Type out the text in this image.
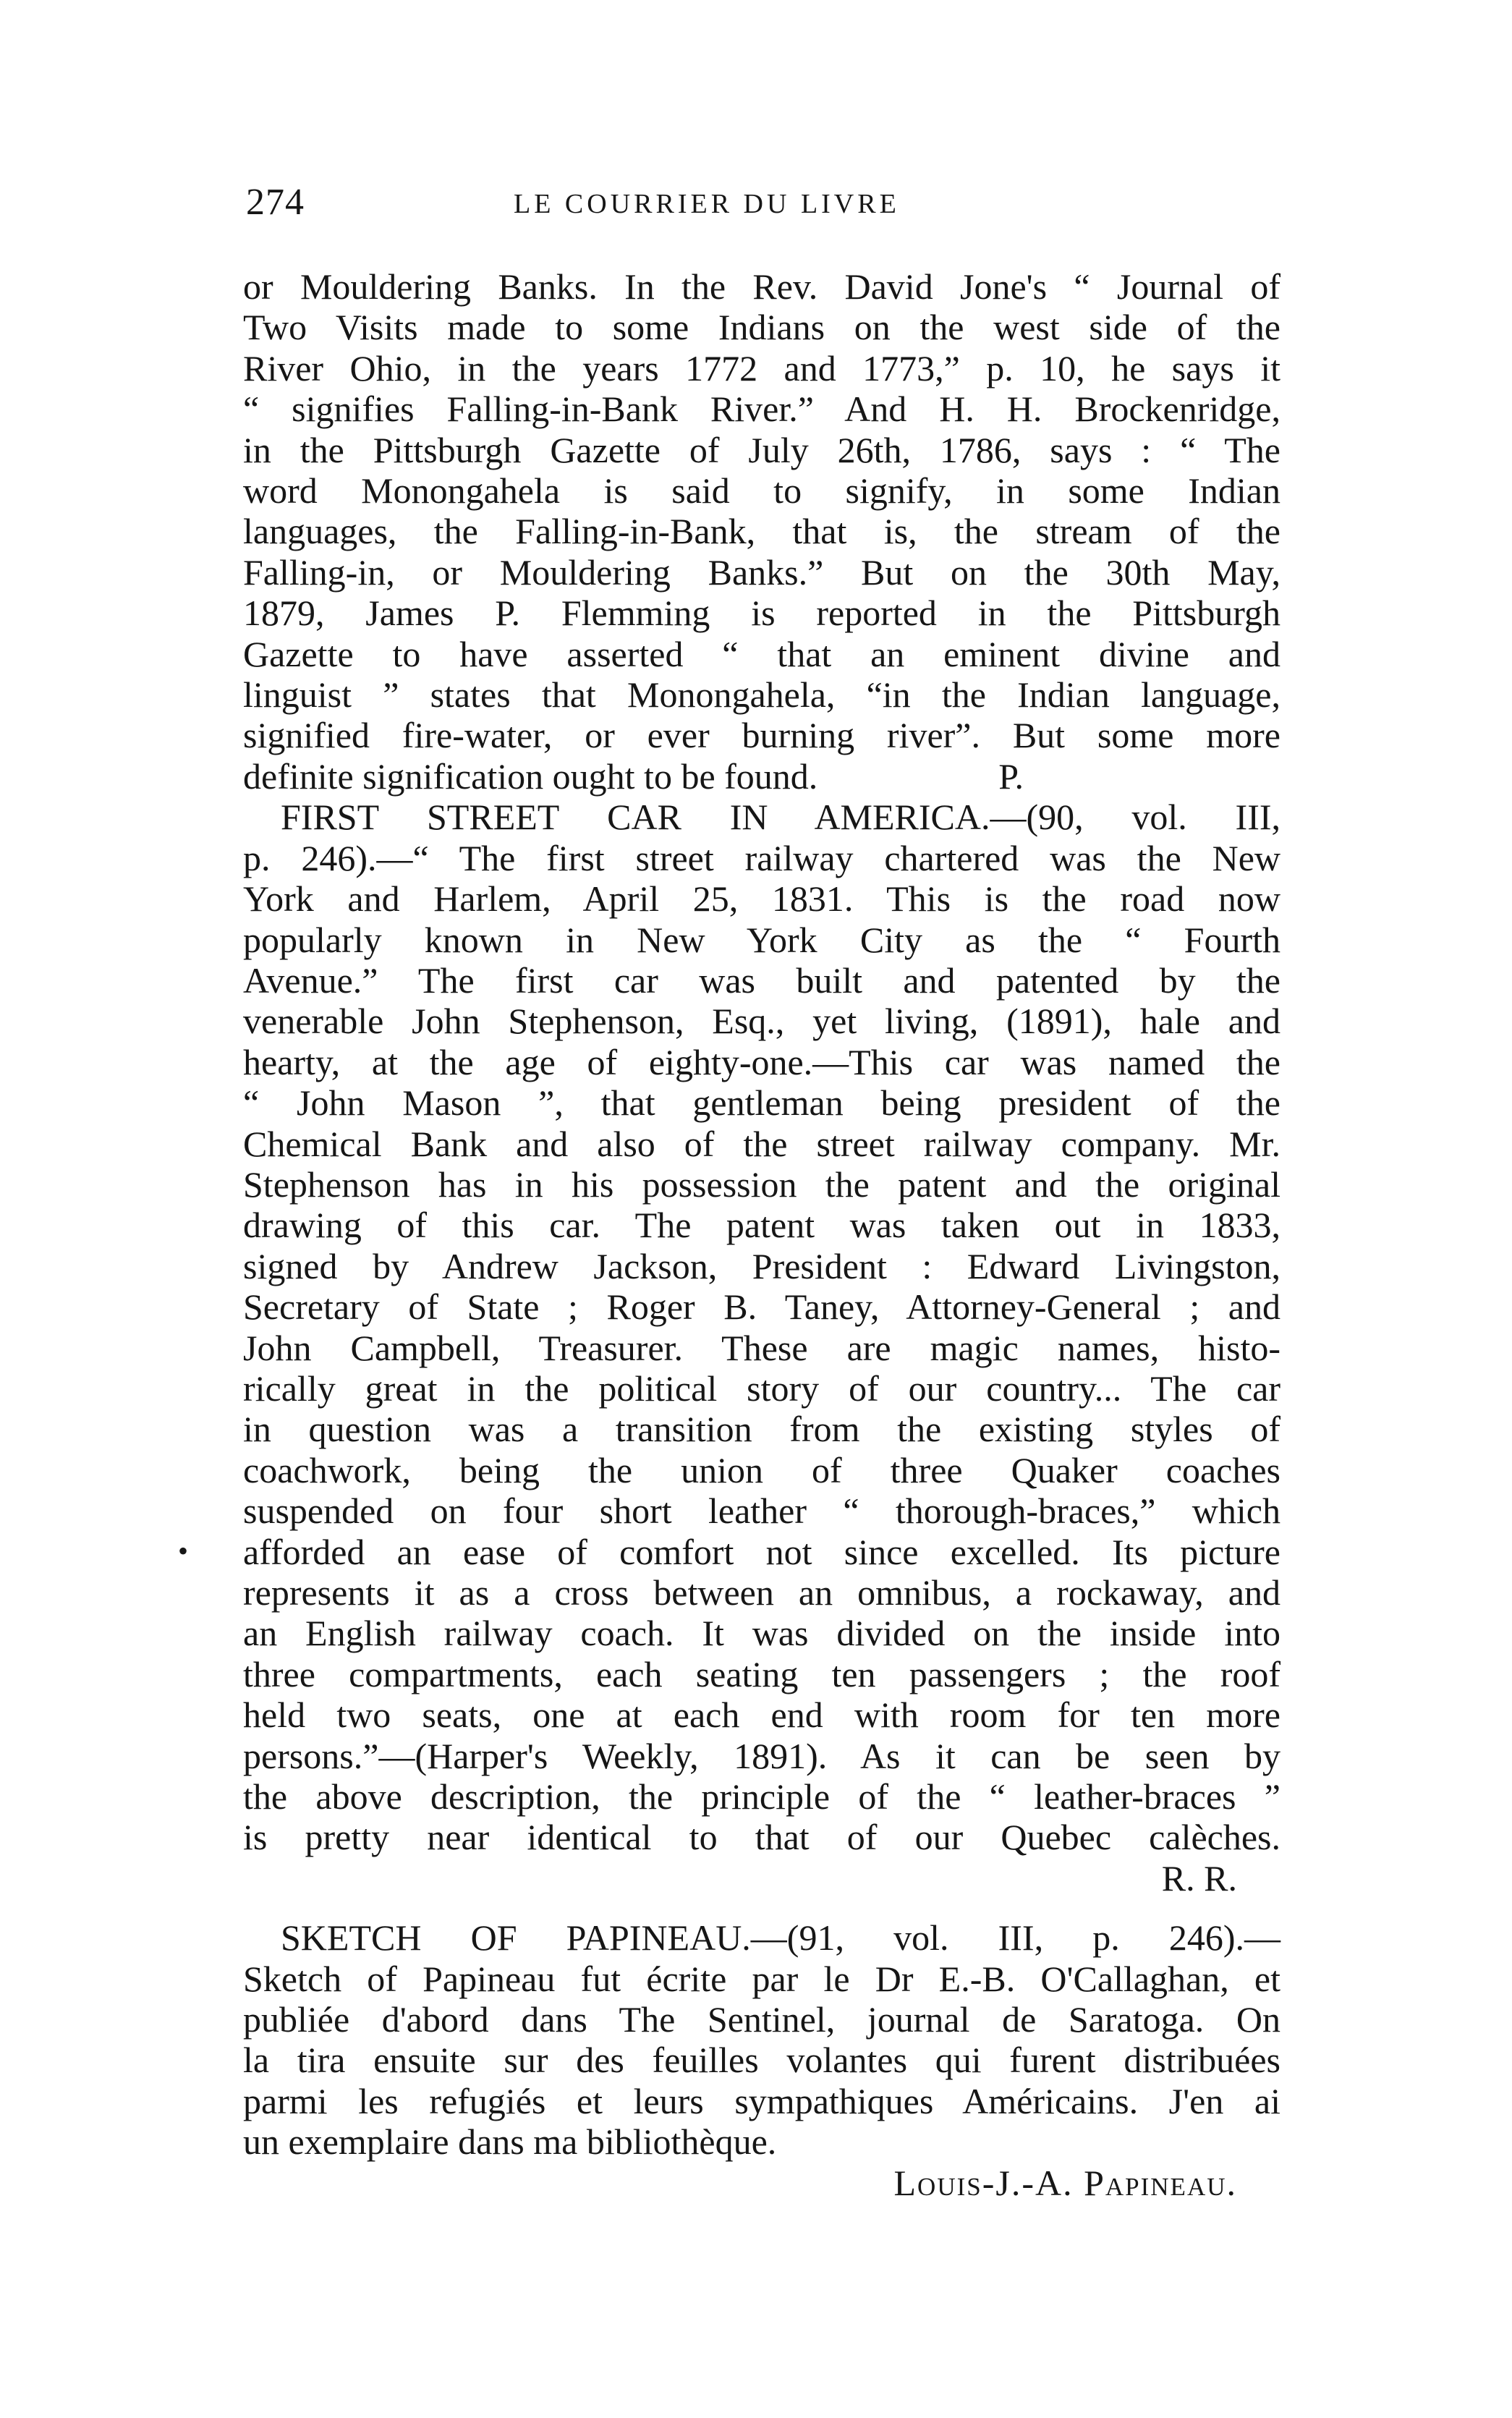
274	LE COURRIER DU LIVRE
•
or Mouldering Banks. In the Rev. David Jone's “ Journal of
Two Visits made to some Indians on the west side of the
River Ohio, in the years 1772 and 1773,” p. 10, he says it
“ signifies Falling-in-Bank River.” And H. H. Brockenridge,
in the Pittsburgh Gazette of July 26th, 1786, says : “ The
word Monongahela is said to signify, in some Indian
languages, the Falling-in-Bank, that is, the stream of the
Falling-in, or Mouldering Banks.” But on the 30th May,
1879, James P. Flemming is reported in the Pittsburgh
Gazette to have asserted “ that an eminent divine and
linguist ” states that Monongahela, “in the Indian language,
signified fire-water, or ever burning river”. But some more
definite signification ought to be found.                    P.
FIRST STREET CAR IN AMERICA.—(90, vol. III,
p. 246).—“ The first street railway chartered was the New
York and Harlem, April 25, 1831. This is the road now
popularly known in New York City as the “ Fourth
Avenue.” The first car was built and patented by the
venerable John Stephenson, Esq., yet living, (1891), hale and
hearty, at the age of eighty-one.—This car was named the
“ John Mason ”, that gentleman being president of the
Chemical Bank and also of the street railway company. Mr.
Stephenson has in his possession the patent and the original
drawing of this car. The patent was taken out in 1833,
signed by Andrew Jackson, President : Edward Livingston,
Secretary of State ; Roger B. Taney, Attorney-General ; and
John Campbell, Treasurer. These are magic names, histo-
rically great in the political story of our country... The car
in question was a transition from the existing styles of
coachwork, being the union of three Quaker coaches
suspended on four short leather “ thorough-braces,” which
afforded an ease of comfort not since excelled. Its picture
represents it as a cross between an omnibus, a rockaway, and
an English railway coach. It was divided on the inside into
three compartments, each seating ten passengers ; the roof
held two seats, one at each end with room for ten more
persons.”—(Harper's Weekly, 1891). As it can be seen by
the above description, the principle of the “ leather-braces ”
is pretty near identical to that of our Quebec calèches.
R. R.
SKETCH OF PAPINEAU.—(91, vol. III, p. 246).—
Sketch of Papineau fut écrite par le Dr E.-B. O'Callaghan, et
publiée d'abord dans The Sentinel, journal de Saratoga. On
la tira ensuite sur des feuilles volantes qui furent distribuées
parmi les refugiés et leurs sympathiques Américains. J'en ai
un exemplaire dans ma bibliothèque.
Louis-J.-A. Papineau.
